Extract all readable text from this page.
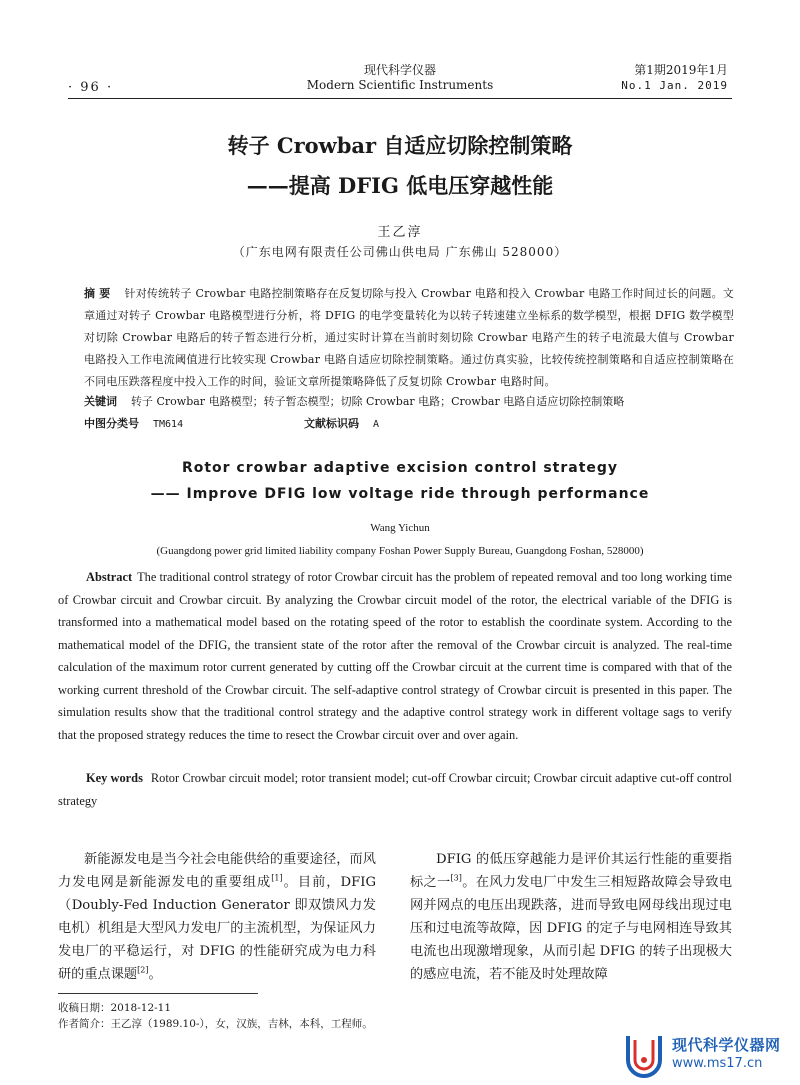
· 96 ·
现代科学仪器
Modern Scientific Instruments
第1期2019年1月
No.1 Jan. 2019
转子 Crowbar 自适应切除控制策略
——提高 DFIG 低电压穿越性能
王乙淳
（广东电网有限责任公司佛山供电局 广东佛山 528000）
摘 要 针对传统转子 Crowbar 电路控制策略存在反复切除与投入 Crowbar 电路和投入 Crowbar 电路工作时间过长的问题。文章通过对转子 Crowbar 电路模型进行分析，将 DFIG 的电学变量转化为以转子转速建立坐标系的数学模型，根据 DFIG 数学模型对切除 Crowbar 电路后的转子暂态进行分析，通过实时计算在当前时刻切除 Crowbar 电路产生的转子电流最大值与 Crowbar 电路投入工作电流阈值进行比较实现 Crowbar 电路自适应切除控制策略。通过仿真实验，比较传统控制策略和自适应控制策略在不同电压跌落程度中投入工作的时间，验证文章所提策略降低了反复切除 Crowbar 电路时间。
关键词 转子 Crowbar 电路模型；转子暂态模型；切除 Crowbar 电路；Crowbar 电路自适应切除控制策略
中图分类号 TM614	文献标识码 A
Rotor crowbar adaptive excision control strategy
—— Improve DFIG low voltage ride through performance
Wang Yichun
(Guangdong power grid limited liability company Foshan Power Supply Bureau, Guangdong Foshan, 528000)
Abstract The traditional control strategy of rotor Crowbar circuit has the problem of repeated removal and too long working time of Crowbar circuit and Crowbar circuit. By analyzing the Crowbar circuit model of the rotor, the electrical variable of the DFIG is transformed into a mathematical model based on the rotating speed of the rotor to establish the coordinate system. According to the mathematical model of the DFIG, the transient state of the rotor after the removal of the Crowbar circuit is analyzed. The real-time calculation of the maximum rotor current generated by cutting off the Crowbar circuit at the current time is compared with that of the working current threshold of the Crowbar circuit. The self-adaptive control strategy of Crowbar circuit is presented in this paper. The simulation results show that the traditional control strategy and the adaptive control strategy work in different voltage sags to verify that the proposed strategy reduces the time to resect the Crowbar circuit over and over again.
Key words Rotor Crowbar circuit model; rotor transient model; cut-off Crowbar circuit; Crowbar circuit adaptive cut-off control strategy
新能源发电是当今社会电能供给的重要途径，而风力发电网是新能源发电的重要组成[1]。目前，DFIG（Doubly-Fed Induction Generator 即双馈风力发电机）机组是大型风力发电厂的主流机型，为保证风力发电厂的平稳运行，对 DFIG 的性能研究成为电力科研的重点课题[2]。
DFIG 的低压穿越能力是评价其运行性能的重要指标之一[3]。在风力发电厂中发生三相短路故障会导致电网并网点的电压出现跌落，进而导致电网母线出现过电压和过电流等故障，因 DFIG 的定子与电网相连导致其电流也出现激增现象，从而引起 DFIG 的转子出现极大的感应电流，若不能及时处理故障
收稿日期：2018-12-11
作者简介：王乙淳（1989.10-），女，汉族，吉林，本科，工程师。
现代科学仪器网
www.ms17.cn
